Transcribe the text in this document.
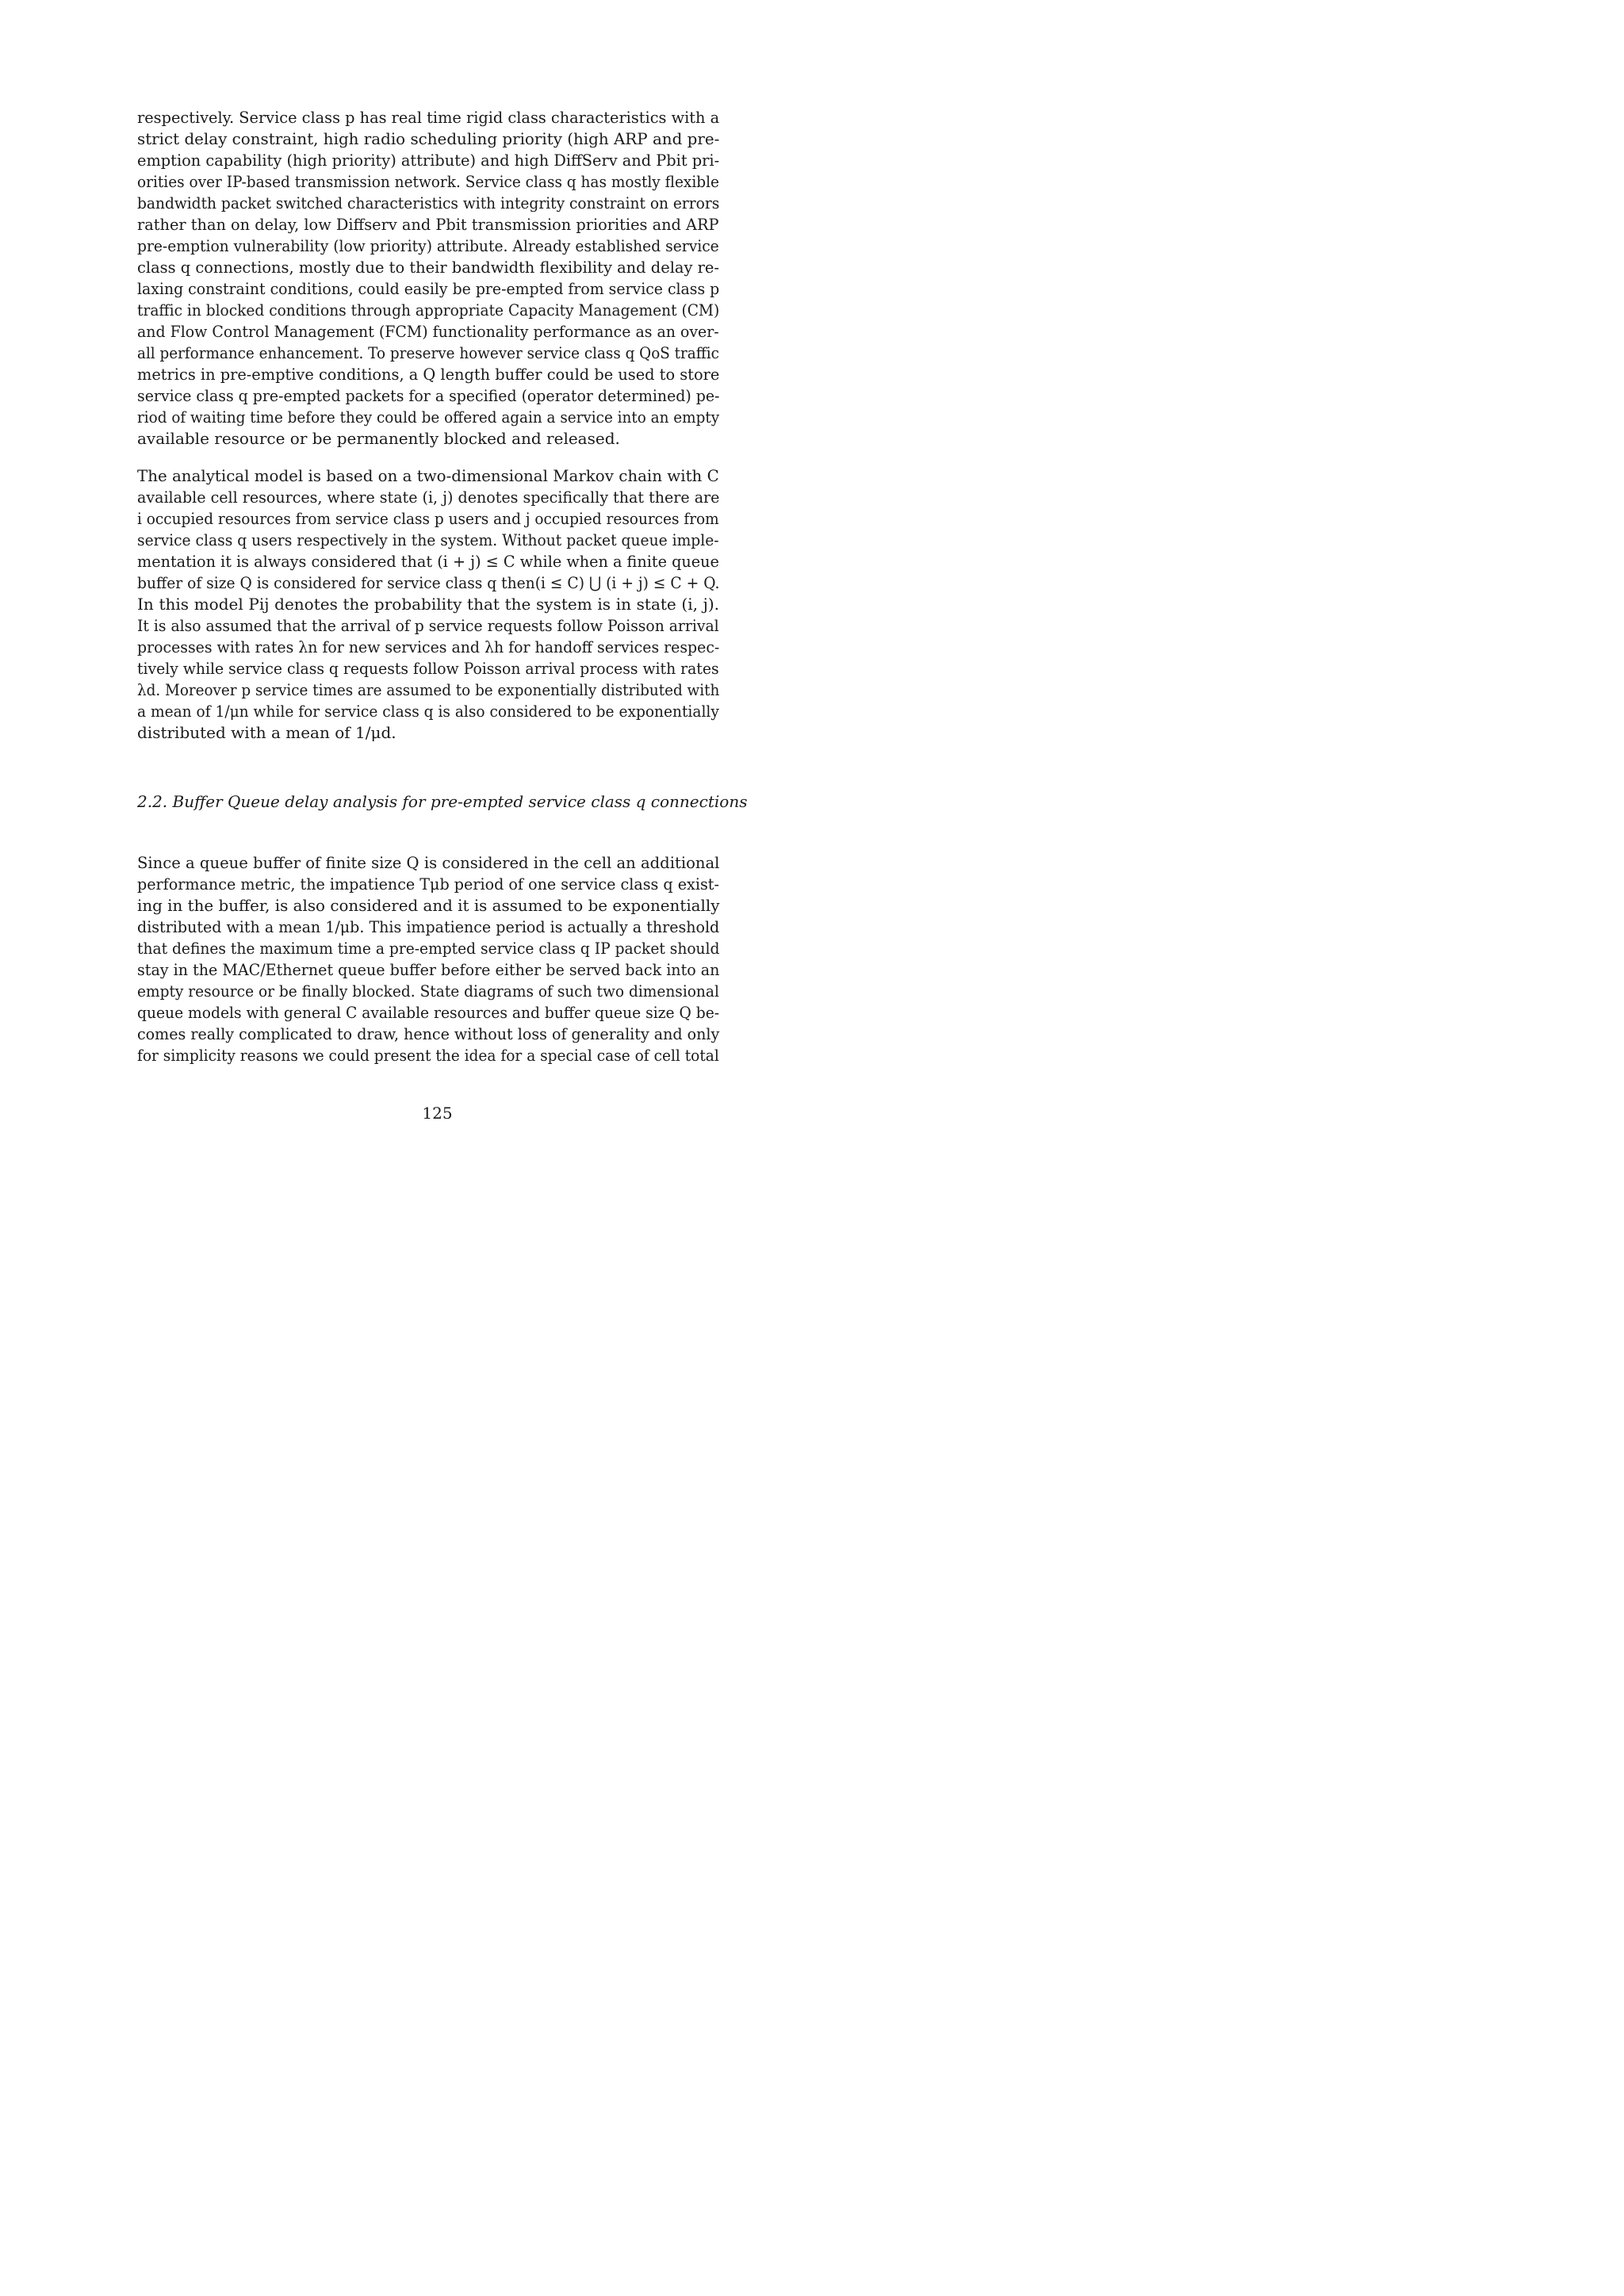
respectively. Service class p has real time rigid class characteristics with a
strict delay constraint, high radio scheduling priority (high ARP and pre-
emption capability (high priority) attribute) and high DiffServ and Pbit pri-
orities over IP-based transmission network. Service class q has mostly flexible
bandwidth packet switched characteristics with integrity constraint on errors
rather than on delay, low Diffserv and Pbit transmission priorities and ARP
pre-emption vulnerability (low priority) attribute. Already established service
class q connections, mostly due to their bandwidth flexibility and delay re-
laxing constraint conditions, could easily be pre-empted from service class p
traffic in blocked conditions through appropriate Capacity Management (CM)
and Flow Control Management (FCM) functionality performance as an over-
all performance enhancement. To preserve however service class q QoS traffic
metrics in pre-emptive conditions, a Q length buffer could be used to store
service class q pre-empted packets for a specified (operator determined) pe-
riod of waiting time before they could be offered again a service into an empty
available resource or be permanently blocked and released.
The analytical model is based on a two-dimensional Markov chain with C
available cell resources, where state (i, j) denotes specifically that there are
i occupied resources from service class p users and j occupied resources from
service class q users respectively in the system. Without packet queue imple-
mentation it is always considered that (i + j) ≤ C while when a finite queue
buffer of size Q is considered for service class q then(i ≤ C) ⋃ (i + j) ≤ C + Q.
In this model Pij denotes the probability that the system is in state (i, j).
It is also assumed that the arrival of p service requests follow Poisson arrival
processes with rates λn for new services and λh for handoff services respec-
tively while service class q requests follow Poisson arrival process with rates
λd. Moreover p service times are assumed to be exponentially distributed with
a mean of 1/μn while for service class q is also considered to be exponentially
distributed with a mean of 1/μd.
2.2. Buffer Queue delay analysis for pre-empted service class q connections
Since a queue buffer of finite size Q is considered in the cell an additional
performance metric, the impatience Tμb period of one service class q exist-
ing in the buffer, is also considered and it is assumed to be exponentially
distributed with a mean 1/μb. This impatience period is actually a threshold
that defines the maximum time a pre-empted service class q IP packet should
stay in the MAC/Ethernet queue buffer before either be served back into an
empty resource or be finally blocked. State diagrams of such two dimensional
queue models with general C available resources and buffer queue size Q be-
comes really complicated to draw, hence without loss of generality and only
for simplicity reasons we could present the idea for a special case of cell total
125
